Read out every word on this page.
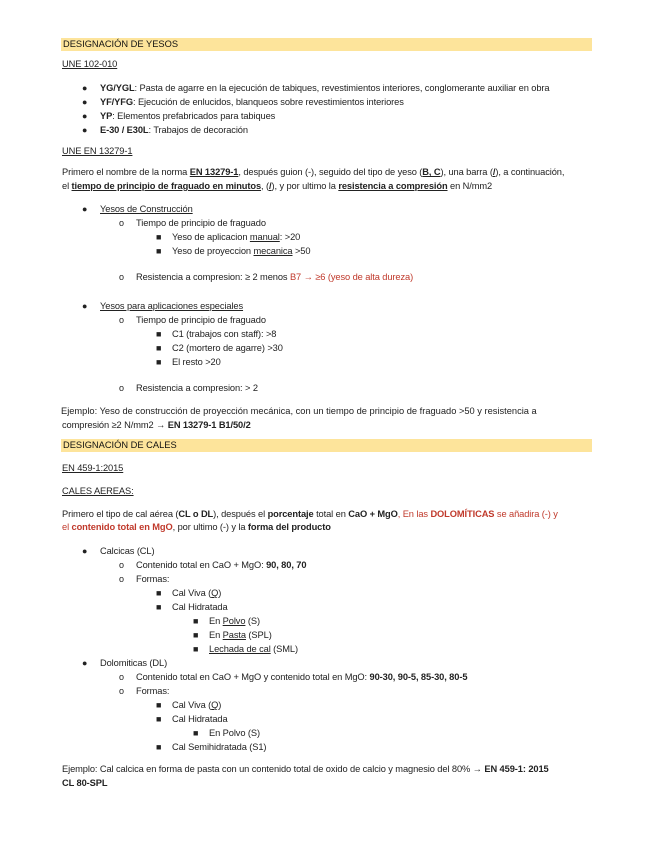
DESIGNACIÓN DE YESOS
UNE 102-010
● YG/YGL: Pasta de agarre en la ejecución de tabiques, revestimientos interiores, conglomerante auxiliar en obra
● YF/YFG: Ejecución de enlucidos, blanqueos sobre revestimientos interiores
● YP: Elementos prefabricados para tabiques
● E-30 / E30L: Trabajos de decoración
UNE EN 13279-1
Primero el nombre de la norma EN 13279-1, después guion (-), seguido del tipo de yeso (B, C), una barra (/), a continuación,
el tiempo de principio de fraguado en minutos, (/), y por ultimo la resistencia a compresión en N/mm2
● Yesos de Construcción
o Tiempo de principio de fraguado
■ Yeso de aplicacion manual: >20
■ Yeso de proyeccion mecanica >50
o Resistencia a compresion: ≥ 2 menos B7 → ≥6 (yeso de alta dureza)
● Yesos para aplicaciones especiales
o Tiempo de principio de fraguado
■ C1 (trabajos con staff): >8
■ C2 (mortero de agarre) >30
■ El resto >20
o Resistencia a compresion: > 2
Ejemplo: Yeso de construcción de proyección mecánica, con un tiempo de principio de fraguado >50 y resistencia a
compresión ≥2 N/mm2 → EN 13279-1 B1/50/2
DESIGNACIÓN DE CALES
EN 459-1:2015
CALES AEREAS:
Primero el tipo de cal aérea (CL o DL), después el porcentaje total en CaO + MgO, En las DOLOMÍTICAS se añadira (-) y
el contenido total en MgO, por ultimo (-) y la forma del producto
● Calcicas (CL)
o Contenido total en CaO + MgO: 90, 80, 70
o Formas:
■ Cal Viva (Q)
■ Cal Hidratada
■ En Polvo (S)
■ En Pasta (SPL)
■ Lechada de cal (SML)
● Dolomiticas (DL)
o Contenido total en CaO + MgO y contenido total en MgO: 90-30, 90-5, 85-30, 80-5
o Formas:
■ Cal Viva (Q)
■ Cal Hidratada
■ En Polvo (S)
■ Cal Semihidratada (S1)
Ejemplo: Cal calcica en forma de pasta con un contenido total de oxido de calcio y magnesio del 80% → EN 459-1: 2015
CL 80-SPL
